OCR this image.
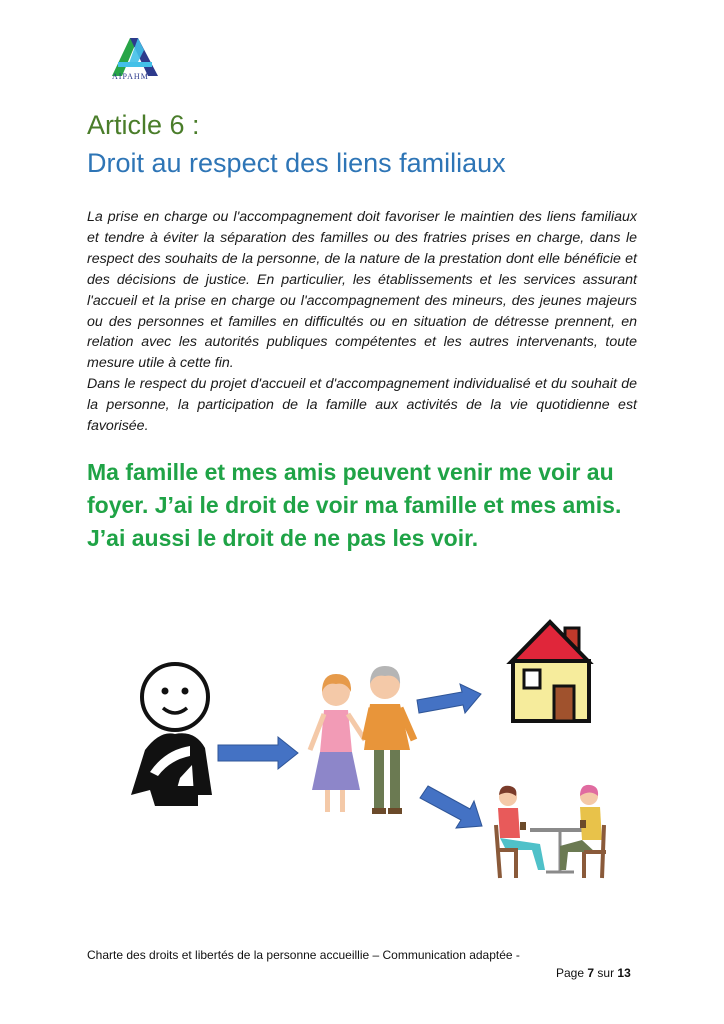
AIPAHM
Article 6 :
Droit au respect des liens familiaux

La prise en charge ou l'accompagnement doit favoriser le maintien des liens familiaux et tendre à éviter la séparation des familles ou des fratries prises en charge, dans le respect des souhaits de la personne, de la nature de la prestation dont elle bénéficie et des décisions de justice. En particulier, les établissements et les services assurant l'accueil et la prise en charge ou l'accompagnement des mineurs, des jeunes majeurs ou des personnes et familles en difficultés ou en situation de détresse prennent, en relation avec les autorités publiques compétentes et les autres intervenants, toute mesure utile à cette fin.

Dans le respect du projet d'accueil et d'accompagnement individualisé et du souhait de la personne, la participation de la famille aux activités de la vie quotidienne est favorisée.

Ma famille et mes amis peuvent venir me voir au
foyer. J’ai le droit de voir ma famille et mes amis.
J’ai aussi le droit de ne pas les voir.
Charte des droits et libertés de la personne accueillie – Communication adaptée -
Page 7 sur 13
